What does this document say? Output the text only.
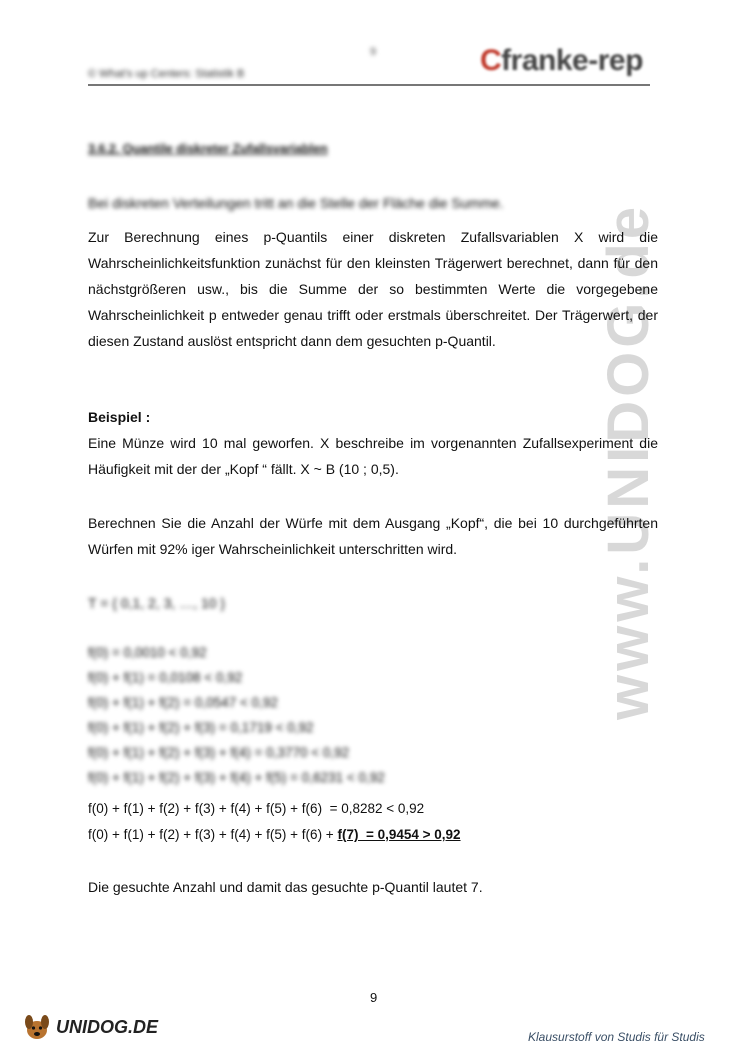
9
© What's up Centers: Statistik B	Cfranke-rep
www.UNIDOG.de
3.6.2. Quantile diskreter Zufallsvariablen
Bei diskreten Verteilungen tritt an die Stelle der Fläche die Summe.
Zur Berechnung eines p-Quantils einer diskreten Zufallsvariablen X wird die Wahrscheinlichkeitsfunktion zunächst für den kleinsten Trägerwert berechnet, dann für den nächstgrößeren usw., bis die Summe der so bestimmten Werte die vorgegebene Wahrscheinlichkeit p entweder genau trifft oder erstmals überschreitet. Der Trägerwert, der diesen Zustand auslöst entspricht dann dem gesuchten p-Quantil.
Beispiel :
Eine Münze wird 10 mal geworfen. X beschreibe im vorgenannten Zufallsexperiment die Häufigkeit mit der der „Kopf “ fällt. X ~ B (10 ; 0,5).
Berechnen Sie die Anzahl der Würfe mit dem Ausgang „Kopf“, die bei 10 durchgeführten Würfen mit 92% iger Wahrscheinlichkeit unterschritten wird.
T = { 0,1, 2, 3, …, 10 }
f(0) = 0,0010 < 0,92
f(0) + f(1) = 0,0108 < 0,92
f(0) + f(1) + f(2) = 0,0547 < 0,92
f(0) + f(1) + f(2) + f(3) = 0,1719 < 0,92
f(0) + f(1) + f(2) + f(3) + f(4) = 0,3770 < 0,92
f(0) + f(1) + f(2) + f(3) + f(4) + f(5) = 0,6231 < 0,92
f(0) + f(1) + f(2) + f(3) + f(4) + f(5) + f(6)  = 0,8282 < 0,92
f(0) + f(1) + f(2) + f(3) + f(4) + f(5) + f(6) + f(7)  = 0,9454 > 0,92
Die gesuchte Anzahl und damit das gesuchte p-Quantil lautet 7.
9
UNIDOG.DE
Klausurstoff von Studis für Studis
